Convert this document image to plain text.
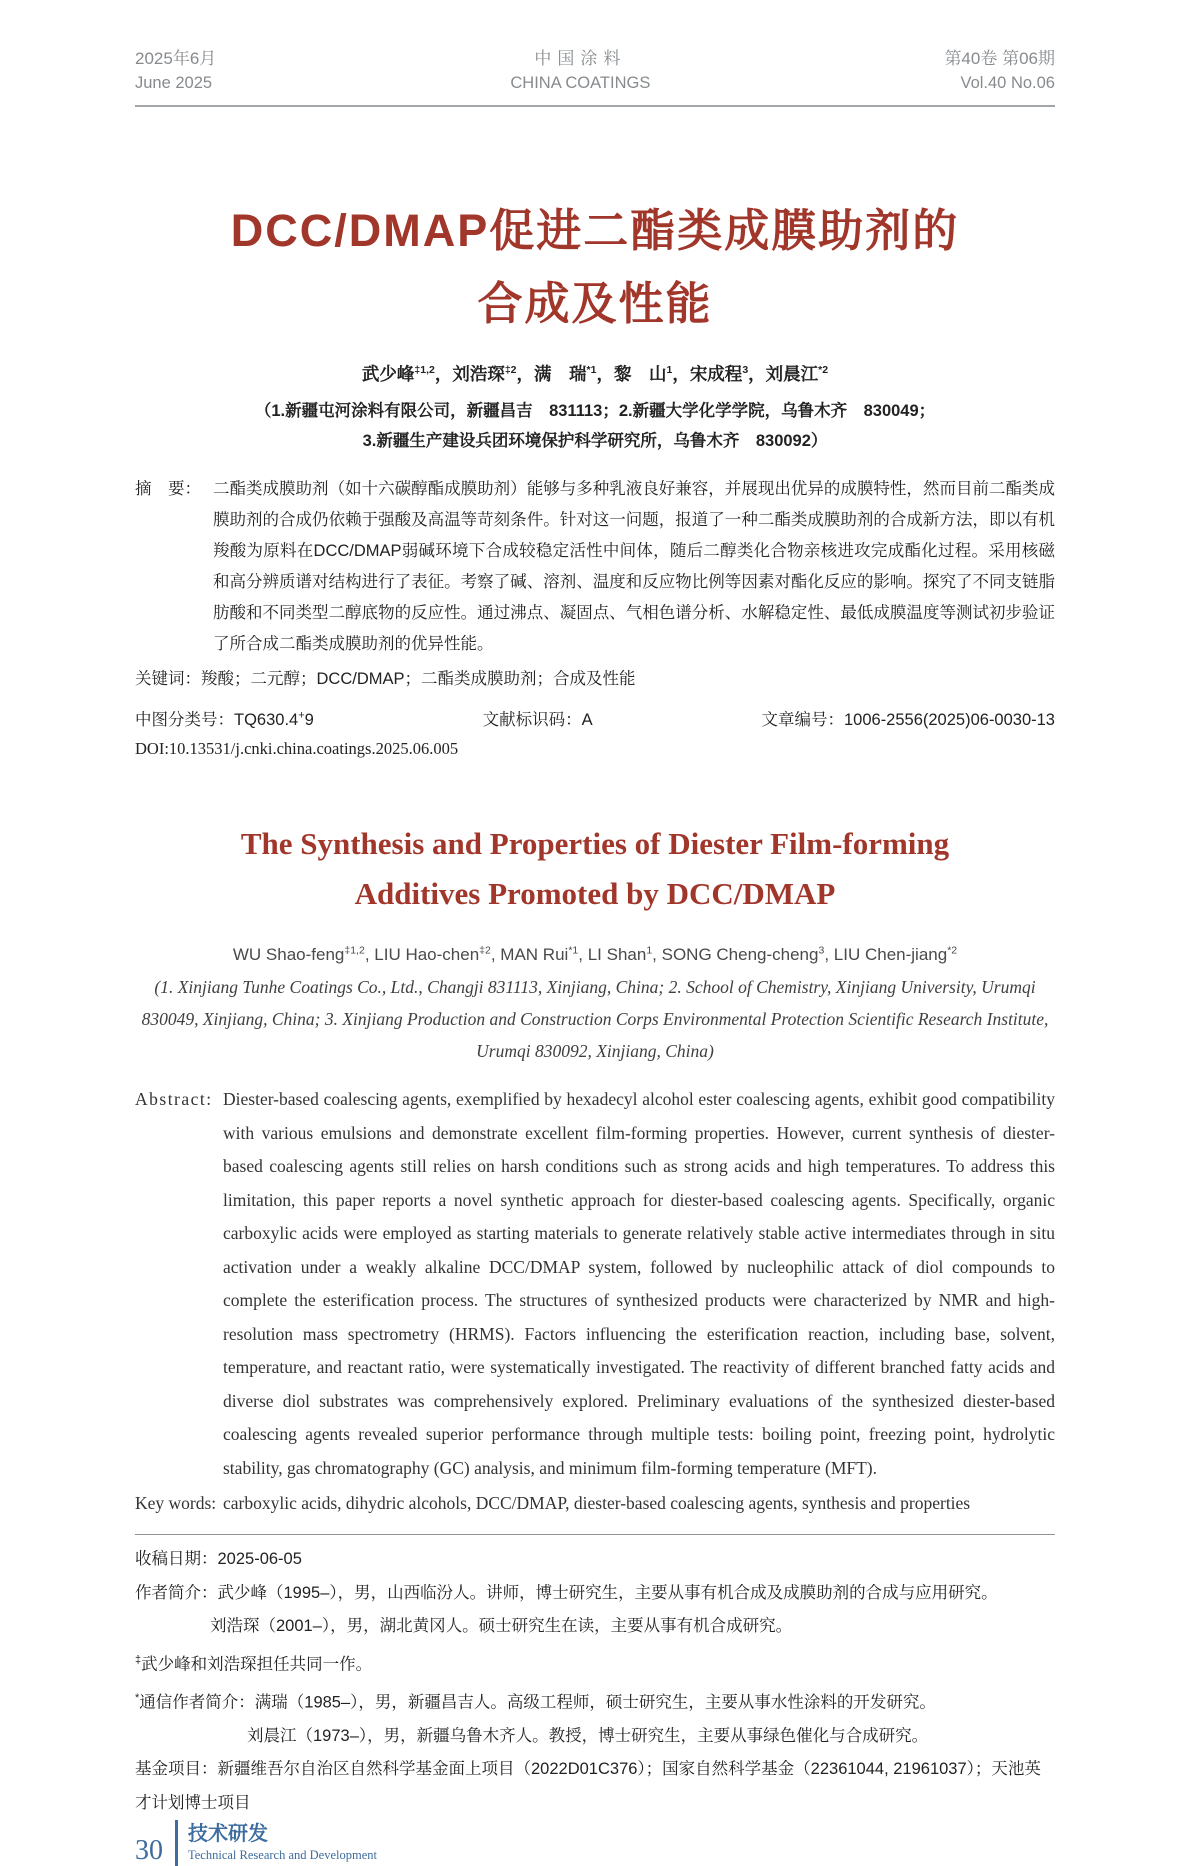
2025年6月
June 2025
中国涂料
CHINA COATINGS
第40卷 第06期
Vol.40 No.06
DCC/DMAP促进二酯类成膜助剂的
合成及性能
武少峰$^{\ddagger 1,2}$，刘浩琛$^{\ddagger 2}$，满　瑞$^{*1}$，黎　山$^1$，宋成程$^3$，刘晨江$^{*2}$
（1.新疆屯河涂料有限公司，新疆昌吉　831113；2.新疆大学化学学院，乌鲁木齐　830049；
3.新疆生产建设兵团环境保护科学研究所，乌鲁木齐　830092）
摘　要： 二酯类成膜助剂（如十六碳醇酯成膜助剂）能够与多种乳液良好兼容，并展现出优异的成膜特性，然而目前二酯类成膜助剂的合成仍依赖于强酸及高温等苛刻条件。针对这一问题，报道了一种二酯类成膜助剂的合成新方法，即以有机羧酸为原料在DCC/DMAP弱碱环境下合成较稳定活性中间体，随后二醇类化合物亲核进攻完成酯化过程。采用核磁和高分辨质谱对结构进行了表征。考察了碱、溶剂、温度和反应物比例等因素对酯化反应的影响。探究了不同支链脂肪酸和不同类型二醇底物的反应性。通过沸点、凝固点、气相色谱分析、水解稳定性、最低成膜温度等测试初步验证了所合成二酯类成膜助剂的优异性能。
关键词：羧酸；二元醇；DCC/DMAP；二酯类成膜助剂；合成及性能
中图分类号：TQ630.4+9	文献标识码：A	文章编号：1006-2556(2025)06-0030-13
DOI:10.13531/j.cnki.china.coatings.2025.06.005
The Synthesis and Properties of Diester Film-forming
Additives Promoted by DCC/DMAP
WU Shao-feng$^{\ddagger 1,2}$, LIU Hao-chen$^{\ddagger 2}$, MAN Rui$^{*1}$, LI Shan$^1$, SONG Cheng-cheng$^3$, LIU Chen-jiang$^{*2}$
(1. Xinjiang Tunhe Coatings Co., Ltd., Changji 831113, Xinjiang, China; 2. School of Chemistry, Xinjiang University, Urumqi 830049, Xinjiang, China; 3. Xinjiang Production and Construction Corps Environmental Protection Scientific Research Institute, Urumqi 830092, Xinjiang, China)
Abstract: Diester-based coalescing agents, exemplified by hexadecyl alcohol ester coalescing agents, exhibit good compatibility with various emulsions and demonstrate excellent film-forming properties. However, current synthesis of diester-based coalescing agents still relies on harsh conditions such as strong acids and high temperatures. To address this limitation, this paper reports a novel synthetic approach for diester-based coalescing agents. Specifically, organic carboxylic acids were employed as starting materials to generate relatively stable active intermediates through in situ activation under a weakly alkaline DCC/DMAP system, followed by nucleophilic attack of diol compounds to complete the esterification process. The structures of synthesized products were characterized by NMR and high-resolution mass spectrometry (HRMS). Factors influencing the esterification reaction, including base, solvent, temperature, and reactant ratio, were systematically investigated. The reactivity of different branched fatty acids and diverse diol substrates was comprehensively explored. Preliminary evaluations of the synthesized diester-based coalescing agents revealed superior performance through multiple tests: boiling point, freezing point, hydrolytic stability, gas chromatography (GC) analysis, and minimum film-forming temperature (MFT).
Key words: carboxylic acids, dihydric alcohols, DCC/DMAP, diester-based coalescing agents, synthesis and properties
收稿日期：2025-06-05
作者简介：武少峰（1995–），男，山西临汾人。讲师，博士研究生，主要从事有机合成及成膜助剂的合成与应用研究。
刘浩琛（2001–），男，湖北黄冈人。硕士研究生在读，主要从事有机合成研究。
‡武少峰和刘浩琛担任共同一作。
*通信作者简介：满瑞（1985–），男，新疆昌吉人。高级工程师，硕士研究生，主要从事水性涂料的开发研究。
刘晨江（1973–），男，新疆乌鲁木齐人。教授，博士研究生，主要从事绿色催化与合成研究。
基金项目：新疆维吾尔自治区自然科学基金面上项目（2022D01C376）；国家自然科学基金（22361044, 21961037）；天池英才计划博士项目
30
技术研发
Technical Research and Development
